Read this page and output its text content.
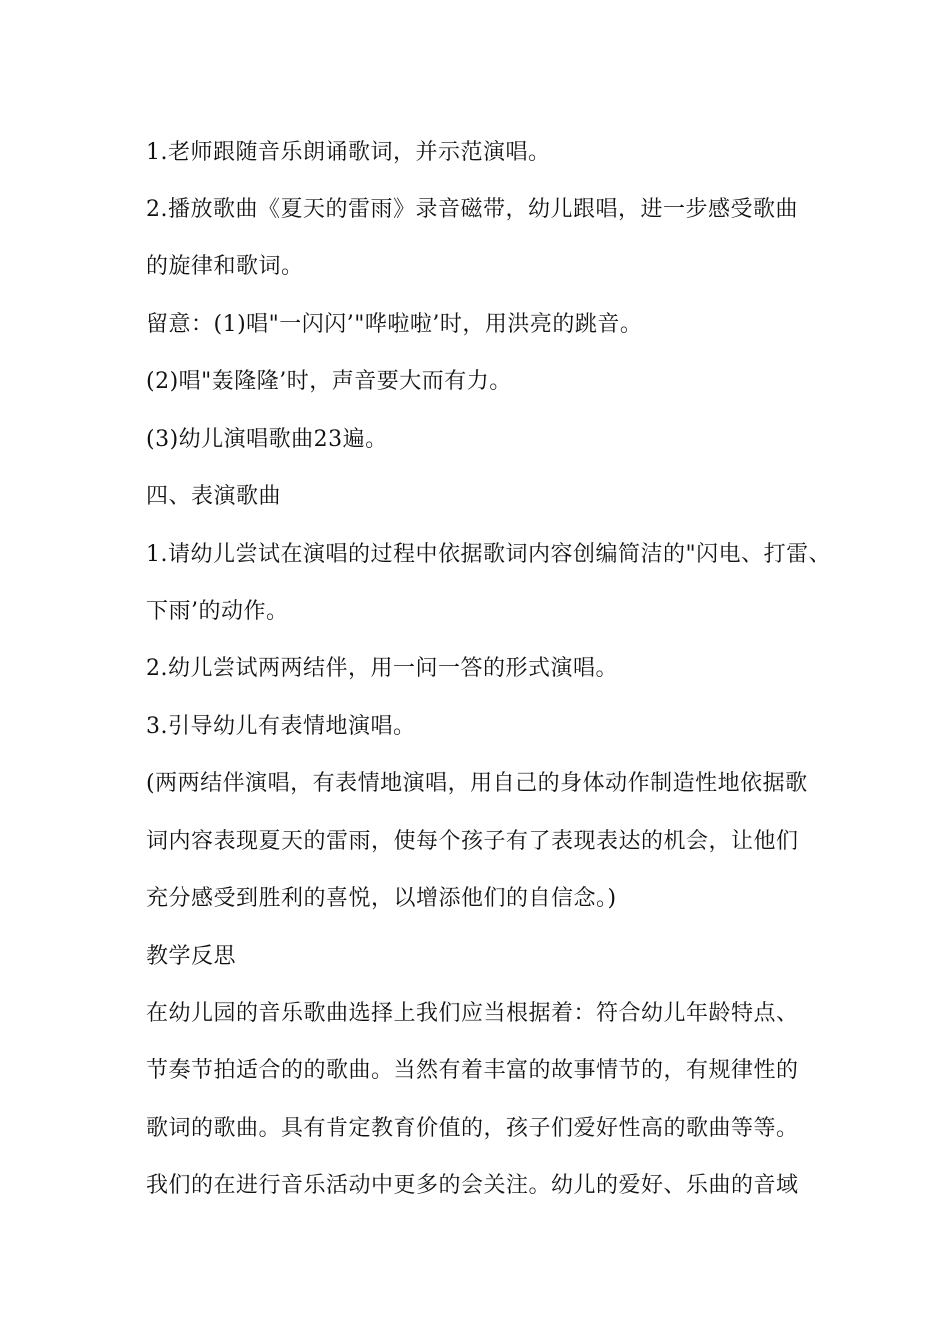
1.老师跟随音乐朗诵歌词，并示范演唱。
2.播放歌曲《夏天的雷雨》录音磁带，幼儿跟唱，进一步感受歌曲
的旋律和歌词。
留意：(1)唱"一闪闪’"哗啦啦’时，用洪亮的跳音。
(2)唱"轰隆隆’时，声音要大而有力。
(3)幼儿演唱歌曲23遍。
四、表演歌曲
1.请幼儿尝试在演唱的过程中依据歌词内容创编简洁的"闪电、打雷、
下雨’的动作。
2.幼儿尝试两两结伴，用一问一答的形式演唱。
3.引导幼儿有表情地演唱。
(两两结伴演唱，有表情地演唱，用自己的身体动作制造性地依据歌
词内容表现夏天的雷雨，使每个孩子有了表现表达的机会，让他们
充分感受到胜利的喜悦，以增添他们的自信念。)
教学反思
在幼儿园的音乐歌曲选择上我们应当根据着：符合幼儿年龄特点、
节奏节拍适合的的歌曲。当然有着丰富的故事情节的，有规律性的
歌词的歌曲。具有肯定教育价值的，孩子们爱好性高的歌曲等等。
我们的在进行音乐活动中更多的会关注。幼儿的爱好、乐曲的音域
